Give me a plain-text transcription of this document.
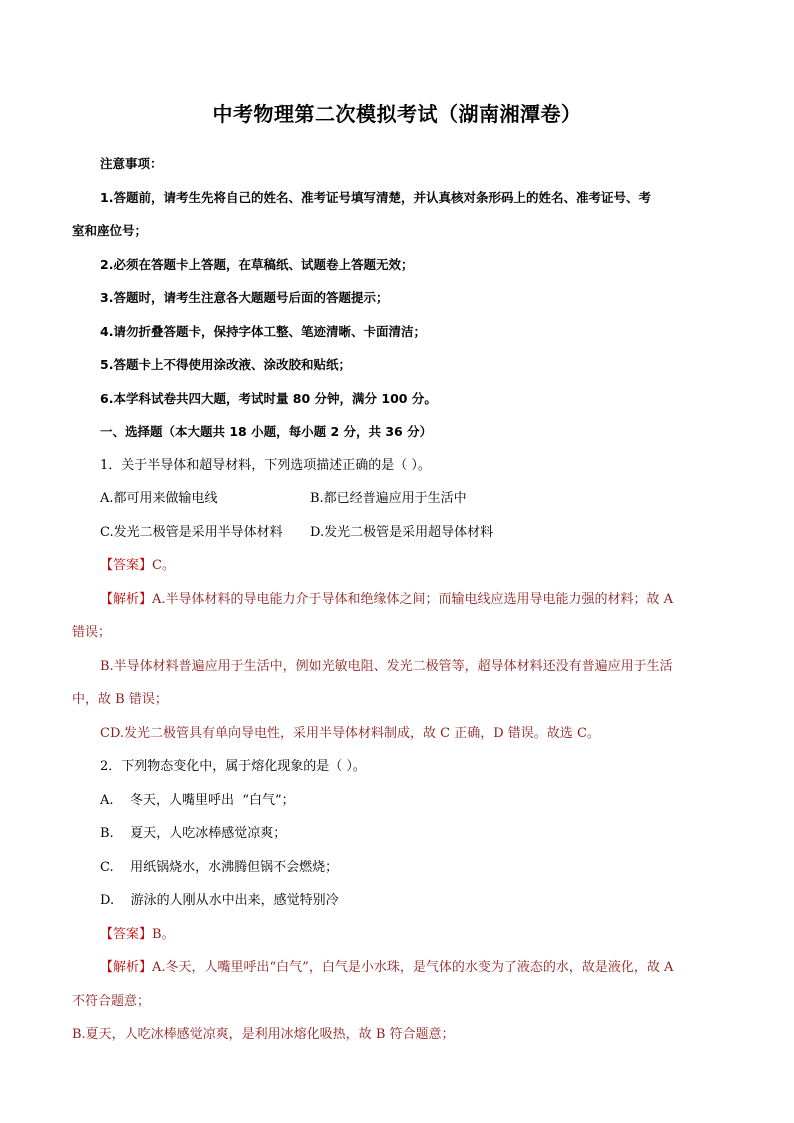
中考物理第二次模拟考试（湖南湘潭卷）
注意事项：
1.答题前，请考生先将自己的姓名、准考证号填写清楚，并认真核对条形码上的姓名、准考证号、考
室和座位号；
2.必须在答题卡上答题，在草稿纸、试题卷上答题无效；
3.答题时，请考生注意各大题题号后面的答题提示；
4.请勿折叠答题卡，保持字体工整、笔迹清晰、卡面清洁；
5.答题卡上不得使用涂改液、涂改胶和贴纸；
6.本学科试卷共四大题，考试时量 80 分钟，满分 100 分。
一、选择题（本大题共 18 小题，每小题 2 分，共 36 分）
1．关于半导体和超导材料，下列选项描述正确的是（ ）。
A.都可用来做输电线	B.都已经普遍应用于生活中
C.发光二极管是采用半导体材料	D.发光二极管是采用超导体材料
【答案】C。
【解析】A.半导体材料的导电能力介于导体和绝缘体之间；而输电线应选用导电能力强的材料；故 A
错误；
B.半导体材料普遍应用于生活中，例如光敏电阻、发光二极管等，超导体材料还没有普遍应用于生活
中，故 B 错误；
CD.发光二极管具有单向导电性，采用半导体材料制成，故 C 正确，D 错误。故选 C。
2．下列物态变化中，属于熔化现象的是（ ）。
A.    冬天，人嘴里呼出  “白气”；
B.    夏天，人吃冰棒感觉凉爽；
C.    用纸锅烧水，水沸腾但锅不会燃烧；
D.    游泳的人刚从水中出来，感觉特别冷
【答案】B。
【解析】A.冬天，人嘴里呼出“白气”，白气是小水珠，是气体的水变为了液态的水，故是液化，故 A
不符合题意；
B.夏天，人吃冰棒感觉凉爽，是利用冰熔化吸热，故 B 符合题意；
